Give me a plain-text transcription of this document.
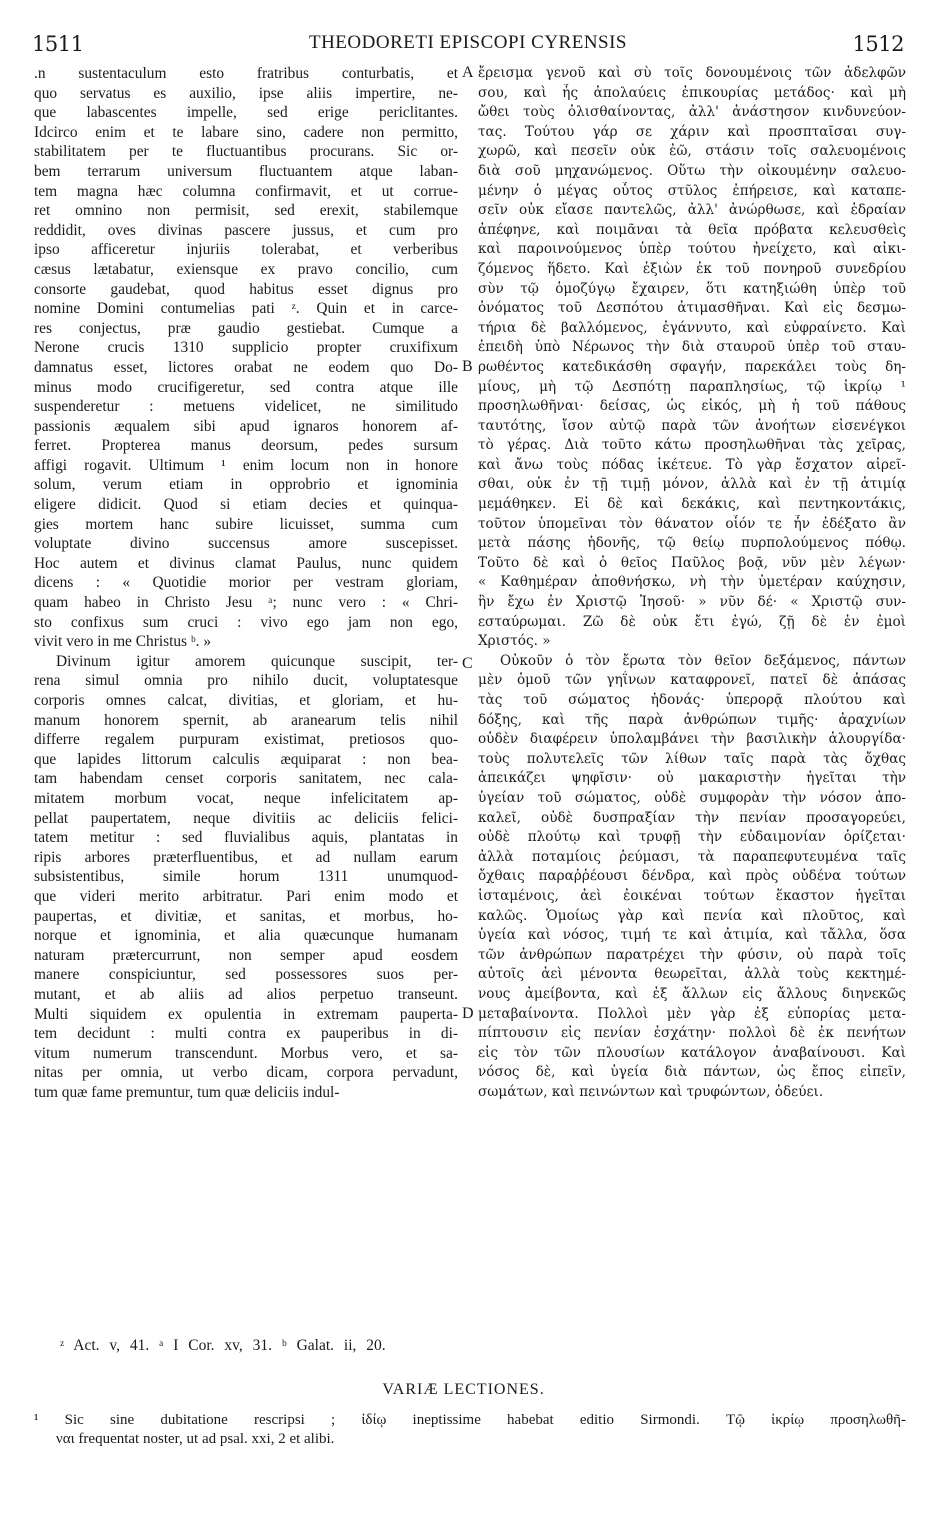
1511	THEODORETI EPISCOPI CYRENSIS	1512
.n sustentaculum esto fratribus conturbatis, et
quo servatus es auxilio, ipse aliis impertire, ne-
que labascentes impelle, sed erige periclitantes.
Idcirco enim et te labare sino, cadere non permitto,
stabilitatem per te fluctuantibus procurans. Sic or-
bem terrarum universum fluctuantem atque laban-
tem magna hæc columna confirmavit, et ut corrue-
ret omnino non permisit, sed erexit, stabilemque
reddidit, oves divinas pascere jussus, et cum pro
ipso afficeretur injuriis tolerabat, et verberibus
cæsus lætabatur, exiensque ex pravo concilio, cum
consorte gaudebat, quod habitus esset dignus pro
nomine Domini contumelias pati ᶻ. Quin et in carce-
res conjectus, præ gaudio gestiebat. Cumque a
Nerone crucis 1310 supplicio propter cruxifixum
damnatus esset, lictores orabat ne eodem quo Do-
minus modo crucifigeretur, sed contra atque ille
suspenderetur : metuens videlicet, ne similitudo
passionis æqualem sibi apud ignaros honorem af-
ferret. Propterea manus deorsum, pedes sursum
affigi rogavit. Ultimum ¹ enim locum non in honore
solum, verum etiam in opprobrio et ignominia
eligere didicit. Quod si etiam decies et quinqua-
gies mortem hanc subire licuisset, summa cum
voluptate divino succensus amore suscepisset.
Hoc autem et divinus clamat Paulus, nunc quidem
dicens : « Quotidie morior per vestram gloriam,
quam habeo in Christo Jesu ᵃ; nunc vero : « Chri-
sto confixus sum cruci : vivo ego jam non ego,
vivit vero in me Christus ᵇ. »
Divinum igitur amorem quicunque suscipit, ter-
rena simul omnia pro nihilo ducit, voluptatesque
corporis omnes calcat, divitias, et gloriam, et hu-
manum honorem spernit, ab aranearum telis nihil
differre regalem purpuram existimat, pretiosos quo-
que lapides littorum calculis æquiparat : non bea-
tam habendam censet corporis sanitatem, nec cala-
mitatem morbum vocat, neque infelicitatem ap-
pellat paupertatem, neque divitiis ac deliciis felici-
tatem metitur : sed fluvialibus aquis, plantatas in
ripis arbores præterfluentibus, et ad nullam earum
subsistentibus, simile horum 1311 unumquod-
que videri merito arbitratur. Pari enim modo et
paupertas, et divitiæ, et sanitas, et morbus, ho-
norque et ignominia, et alia quæcunque humanam
naturam prætercurrunt, non semper apud eosdem
manere conspiciuntur, sed possessores suos per-
mutant, et ab aliis ad alios perpetuo transeunt.
Multi siquidem ex opulentia in extremam pauperta-
tem decidunt : multi contra ex pauperibus in di-
vitum numerum transcendunt. Morbus vero, et sa-
nitas per omnia, ut verbo dicam, corpora pervadunt,
tum quæ fame premuntur, tum quæ deliciis indul-
ἔρεισμα γενοῦ καὶ σὺ τοῖς δονουμένοις τῶν ἀδελφῶν
σου, καὶ ἧς ἀπολαύεις ἐπικουρίας μετάδος· καὶ μὴ
ὤθει τοὺς ὀλισθαίνοντας, ἀλλ' ἀνάστησον κινδυνεύον-
τας. Τούτου γάρ σε χάριν καὶ προσπταῖσαι συγ-
χωρῶ, καὶ πεσεῖν οὐκ ἐῶ, στάσιν τοῖς σαλευομένοις
διὰ σοῦ μηχανώμενος. Οὕτω τὴν οἰκουμένην σαλευο-
μένην ὁ μέγας οὗτος στῦλος ἐπήρεισε, καὶ καταπε-
σεῖν οὐκ εἴασε παντελῶς, ἀλλ' ἀνώρθωσε, καὶ ἑδραίαν
ἀπέφηνε, καὶ ποιμᾶναι τὰ θεῖα πρόβατα κελευσθεὶς
καὶ παροινούμενος ὑπὲρ τούτου ἠνείχετο, καὶ αἰκι-
ζόμενος ἥδετο. Καὶ ἐξιὼν ἐκ τοῦ πονηροῦ συνεδρίου
σὺν τῷ ὁμοζύγῳ ἔχαιρεν, ὅτι κατηξιώθη ὑπὲρ τοῦ
ὀνόματος τοῦ Δεσπότου ἀτιμασθῆναι. Καὶ εἰς δεσμω-
τήρια δὲ βαλλόμενος, ἐγάννυτο, καὶ εὐφραίνετο. Καὶ
ἐπειδὴ ὑπὸ Νέρωνος τὴν διὰ σταυροῦ ὑπὲρ τοῦ σταυ-
ρωθέντος κατεδικάσθη σφαγήν, παρεκάλει τοὺς δη-
μίους, μὴ τῷ Δεσπότῃ παραπλησίως, τῷ ἰκρίῳ ¹
προσηλωθῆναι· δείσας, ὡς εἰκός, μὴ ἡ τοῦ πάθους
ταυτότης, ἴσον αὐτῷ παρὰ τῶν ἀνοήτων εἰσενέγκοι
τὸ γέρας. Διὰ τοῦτο κάτω προσηλωθῆναι τὰς χεῖρας,
καὶ ἄνω τοὺς πόδας ἱκέτευε. Τὸ γὰρ ἔσχατον αἱρεῖ-
σθαι, οὐκ ἐν τῇ τιμῇ μόνον, ἀλλὰ καὶ ἐν τῇ ἀτιμίᾳ
μεμάθηκεν. Εἰ δὲ καὶ δεκάκις, καὶ πεντηκοντάκις,
τοῦτον ὑπομεῖναι τὸν θάνατον οἷόν τε ἦν ἐδέξατο ἂν
μετὰ πάσης ἡδονῆς, τῷ θείῳ πυρπολούμενος πόθῳ.
Τοῦτο δὲ καὶ ὁ θεῖος Παῦλος βοᾷ, νῦν μὲν λέγων·
« Καθημέραν ἀποθνήσκω, νὴ τὴν ὑμετέραν καύχησιν,
ἣν ἔχω ἐν Χριστῷ Ἰησοῦ· » νῦν δέ· « Χριστῷ συν-
εσταύρωμαι. Ζῶ δὲ οὐκ ἔτι ἐγώ, ζῇ δὲ ἐν ἐμοὶ
Χριστός. »
Οὐκοῦν ὁ τὸν ἔρωτα τὸν θεῖον δεξάμενος, πάντων
μὲν ὁμοῦ τῶν γηΐνων καταφρονεῖ, πατεῖ δὲ ἁπάσας
τὰς τοῦ σώματος ἡδονάς· ὑπερορᾷ πλούτου καὶ
δόξης, καὶ τῆς παρὰ ἀνθρώπων τιμῆς· ἀραχνίων
οὐδὲν διαφέρειν ὑπολαμβάνει τὴν βασιλικὴν ἁλουργίδα·
τοὺς πολυτελεῖς τῶν λίθων ταῖς παρὰ τὰς ὄχθας
ἀπεικάζει ψηφῖσιν· οὐ μακαριστὴν ἡγεῖται τὴν
ὑγείαν τοῦ σώματος, οὐδὲ συμφορὰν τὴν νόσον ἀπο-
καλεῖ, οὐδὲ δυσπραξίαν τὴν πενίαν προσαγορεύει,
οὐδὲ πλούτῳ καὶ τρυφῇ τὴν εὐδαιμονίαν ὁρίζεται·
ἀλλὰ ποταμίοις ῥεύμασι, τὰ παραπεφυτευμένα ταῖς
ὄχθαις παραῤῥέουσι δένδρα, καὶ πρὸς οὐδένα τούτων
ἱσταμένοις, ἀεὶ ἐοικέναι τούτων ἕκαστον ἡγεῖται
καλῶς. Ὁμοίως γὰρ καὶ πενία καὶ πλοῦτος, καὶ
ὑγεία καὶ νόσος, τιμή τε καὶ ἀτιμία, καὶ τἄλλα, ὅσα
τῶν ἀνθρώπων παρατρέχει τὴν φύσιν, οὐ παρὰ τοῖς
αὐτοῖς ἀεὶ μένοντα θεωρεῖται, ἀλλὰ τοὺς κεκτημέ-
νους ἀμείβοντα, καὶ ἐξ ἄλλων εἰς ἄλλους διηνεκῶς
μεταβαίνοντα. Πολλοὶ μὲν γὰρ ἐξ εὐπορίας μετα-
πίπτουσιν εἰς πενίαν ἐσχάτην· πολλοὶ δὲ ἐκ πενήτων
εἰς τὸν τῶν πλουσίων κατάλογον ἀναβαίνουσι. Καὶ
νόσος δὲ, καὶ ὑγεία διὰ πάντων, ὡς ἔπος εἰπεῖν,
σωμάτων, καὶ πεινώντων καὶ τρυφώντων, ὁδεύει.
A
B
C
D
ᶻ Act. v, 41. ᵃ I Cor. xv, 31. ᵇ Galat. ii, 20.
VARIÆ LECTIONES.
¹ Sic sine dubitatione rescripsi ; ἰδίῳ ineptissime habebat editio Sirmondi. Τῷ ἰκρίῳ προσηλωθῆ-
ναι frequentat noster, ut ad psal. xxi, 2 et alibi.
